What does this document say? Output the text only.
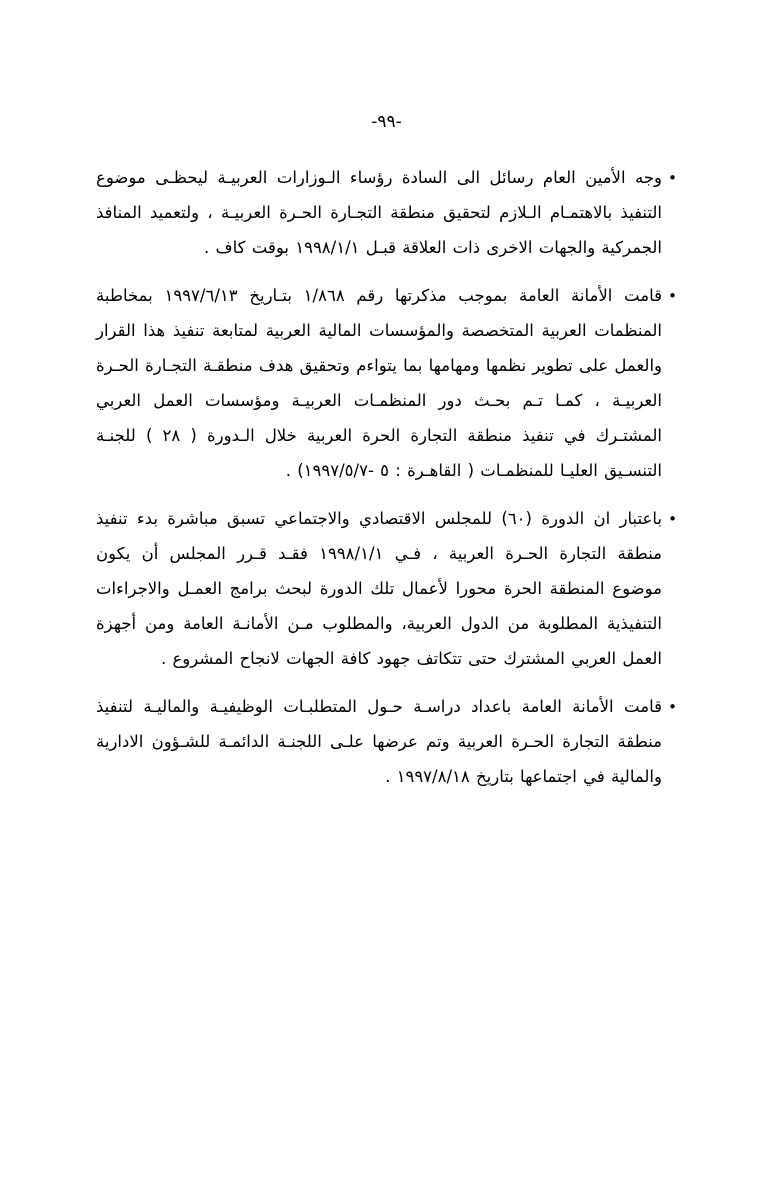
-٩٩-
•
وجه الأمين العام رسائل الى السادة رؤساء الـوزارات العربيـة ليحظـى موضوع التنفيذ بالاهتمـام الـلازم لتحقيق منطقة التجـارة الحـرة العربيـة ، ولتعميد المنافذ الجمركية والجهات الاخرى ذات العلاقة قبـل ١٩٩٨/١/١ بوقت كاف .
•
قامت الأمانة العامة بموجب مذكرتها رقم ١/٨٦٨ بتـاريخ ١٩٩٧/٦/١٣ بمخاطبة المنظمات العربية المتخصصة والمؤسسات المالية العربية لمتابعة تنفيذ هذا القرار والعمل على تطوير نظمها ومهامها بما يتواءم وتحقيق هدف منطقـة التجـارة الحـرة العربيـة ، كمـا تـم بحـث دور المنظمـات العربيـة ومؤسسات العمل العربي المشتـرك في تنفيذ منطقة التجارة الحرة العربية خلال الـدورة ( ٢٨ ) للجنـة التنسـيق العليـا للمنظمـات ( القاهـرة : ٥ -١٩٩٧/٥/٧) .
•
باعتبار ان الدورة (٦٠) للمجلس الاقتصادي والاجتماعي تسبق مباشرة بدء تنفيذ منطقة التجارة الحـرة العربية ، فـي ١٩٩٨/١/١ فقـد قـرر المجلس أن يكون موضوع المنطقة الحرة محورا لأعمال تلك الدورة لبحث برامج العمـل والاجراءات التنفيذية المطلوبة من الدول العربية، والمطلوب مـن الأمانـة العامة ومن أجهزة العمل العربي المشترك حتى تتكاتف جهود كافة الجهات لانجاح المشروع .
•
قامت الأمانة العامة باعداد دراسـة حـول المتطلبـات الوظيفيـة والماليـة لتنفيذ منطقة التجارة الحـرة العربية وتم عرضها علـى اللجنـة الدائمـة للشـؤون الادارية والمالية في اجتماعها بتاريخ ١٩٩٧/٨/١٨ .
